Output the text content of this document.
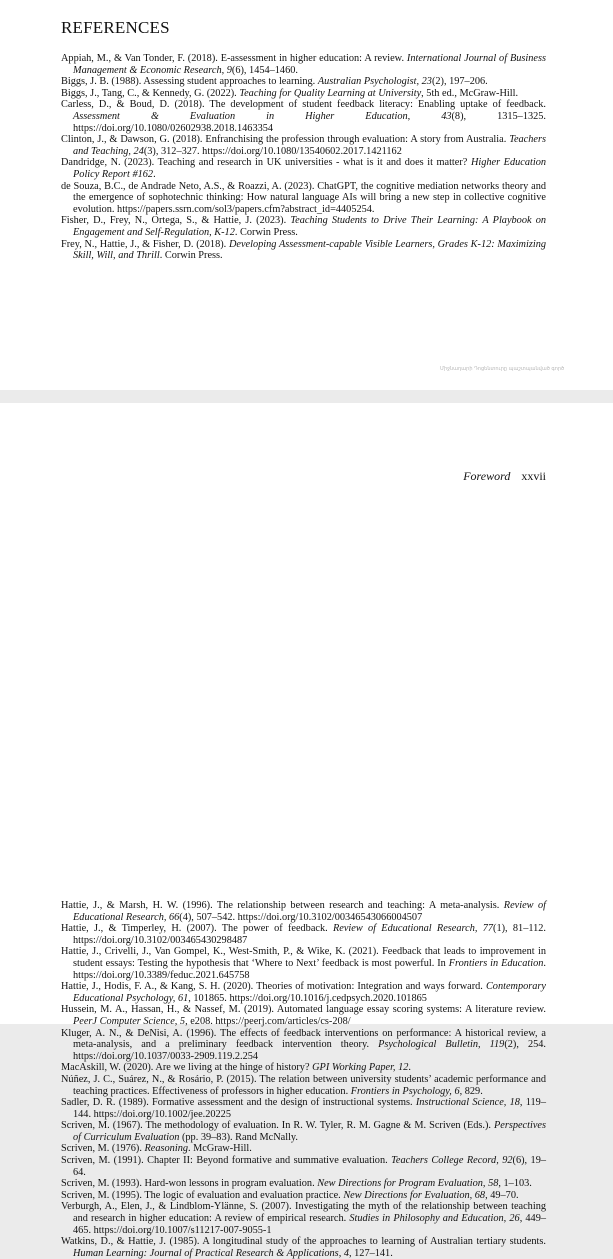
REFERENCES
Appiah, M., & Van Tonder, F. (2018). E-assessment in higher education: A review. International Journal of Business Management & Economic Research, 9(6), 1454–1460.
Biggs, J. B. (1988). Assessing student approaches to learning. Australian Psychologist, 23(2), 197–206.
Biggs, J., Tang, C., & Kennedy, G. (2022). Teaching for Quality Learning at University, 5th ed., McGraw-Hill.
Carless, D., & Boud, D. (2018). The development of student feedback literacy: Enabling uptake of feedback. Assessment & Evaluation in Higher Education, 43(8), 1315–1325. https://doi.org/10.1080/02602938.2018.1463354
Clinton, J., & Dawson, G. (2018). Enfranchising the profession through evaluation: A story from Australia. Teachers and Teaching, 24(3), 312–327. https://doi.org/10.1080/13540602.2017.1421162
Dandridge, N. (2023). Teaching and research in UK universities - what is it and does it matter? Higher Education Policy Report #162.
de Souza, B.C., de Andrade Neto, A.S., & Roazzi, A. (2023). ChatGPT, the cognitive mediation networks theory and the emergence of sophotechnic thinking: How natural language AIs will bring a new step in collective cognitive evolution. https://papers.ssrn.com/sol3/papers.cfm?abstract_id=4405254.
Fisher, D., Frey, N., Ortega, S., & Hattie, J. (2023). Teaching Students to Drive Their Learning: A Playbook on Engagement and Self-Regulation, K-12. Corwin Press.
Frey, N., Hattie, J., & Fisher, D. (2018). Developing Assessment-capable Visible Learners, Grades K-12: Maximizing Skill, Will, and Thrill. Corwin Press.
Միջնադարի Դոցենտուրը պաշտպանված գործ
Foreword xxvii
Hattie, J., & Marsh, H. W. (1996). The relationship between research and teaching: A meta-analysis. Review of Educational Research, 66(4), 507–542. https://doi.org/10.3102/00346543066004507
Hattie, J., & Timperley, H. (2007). The power of feedback. Review of Educational Research, 77(1), 81–112. https://doi.org/10.3102/003465430298487
Hattie, J., Crivelli, J., Van Gompel, K., West-Smith, P., & Wike, K. (2021). Feedback that leads to improvement in student essays: Testing the hypothesis that ‘Where to Next’ feedback is most powerful. In Frontiers in Education. https://doi.org/10.3389/feduc.2021.645758
Hattie, J., Hodis, F. A., & Kang, S. H. (2020). Theories of motivation: Integration and ways forward. Contemporary Educational Psychology, 61, 101865. https://doi.org/10.1016/j.cedpsych.2020.101865
Hussein, M. A., Hassan, H., & Nassef, M. (2019). Automated language essay scoring systems: A literature review. PeerJ Computer Science, 5, e208. https://peerj.com/articles/cs-208/
Kluger, A. N., & DeNisi, A. (1996). The effects of feedback interventions on performance: A historical review, a meta-analysis, and a preliminary feedback intervention theory. Psychological Bulletin, 119(2), 254. https://doi.org/10.1037/0033-2909.119.2.254
MacAskill, W. (2020). Are we living at the hinge of history? GPI Working Paper, 12.
Núñez, J. C., Suárez, N., & Rosário, P. (2015). The relation between university students’ academic performance and teaching practices. Effectiveness of professors in higher education. Frontiers in Psychology, 6, 829.
Sadler, D. R. (1989). Formative assessment and the design of instructional systems. Instructional Science, 18, 119–144. https://doi.org/10.1002/jee.20225
Scriven, M. (1967). The methodology of evaluation. In R. W. Tyler, R. M. Gagne & M. Scriven (Eds.). Perspectives of Curriculum Evaluation (pp. 39–83). Rand McNally.
Scriven, M. (1976). Reasoning. McGraw-Hill.
Scriven, M. (1991). Chapter II: Beyond formative and summative evaluation. Teachers College Record, 92(6), 19–64.
Scriven, M. (1993). Hard-won lessons in program evaluation. New Directions for Program Evaluation, 58, 1–103.
Scriven, M. (1995). The logic of evaluation and evaluation practice. New Directions for Evaluation, 68, 49–70.
Verburgh, A., Elen, J., & Lindblom-Ylänne, S. (2007). Investigating the myth of the relationship between teaching and research in higher education: A review of empirical research. Studies in Philosophy and Education, 26, 449–465. https://doi.org/10.1007/s11217-007-9055-1
Watkins, D., & Hattie, J. (1985). A longitudinal study of the approaches to learning of Australian tertiary students. Human Learning: Journal of Practical Research & Applications, 4, 127–141.
